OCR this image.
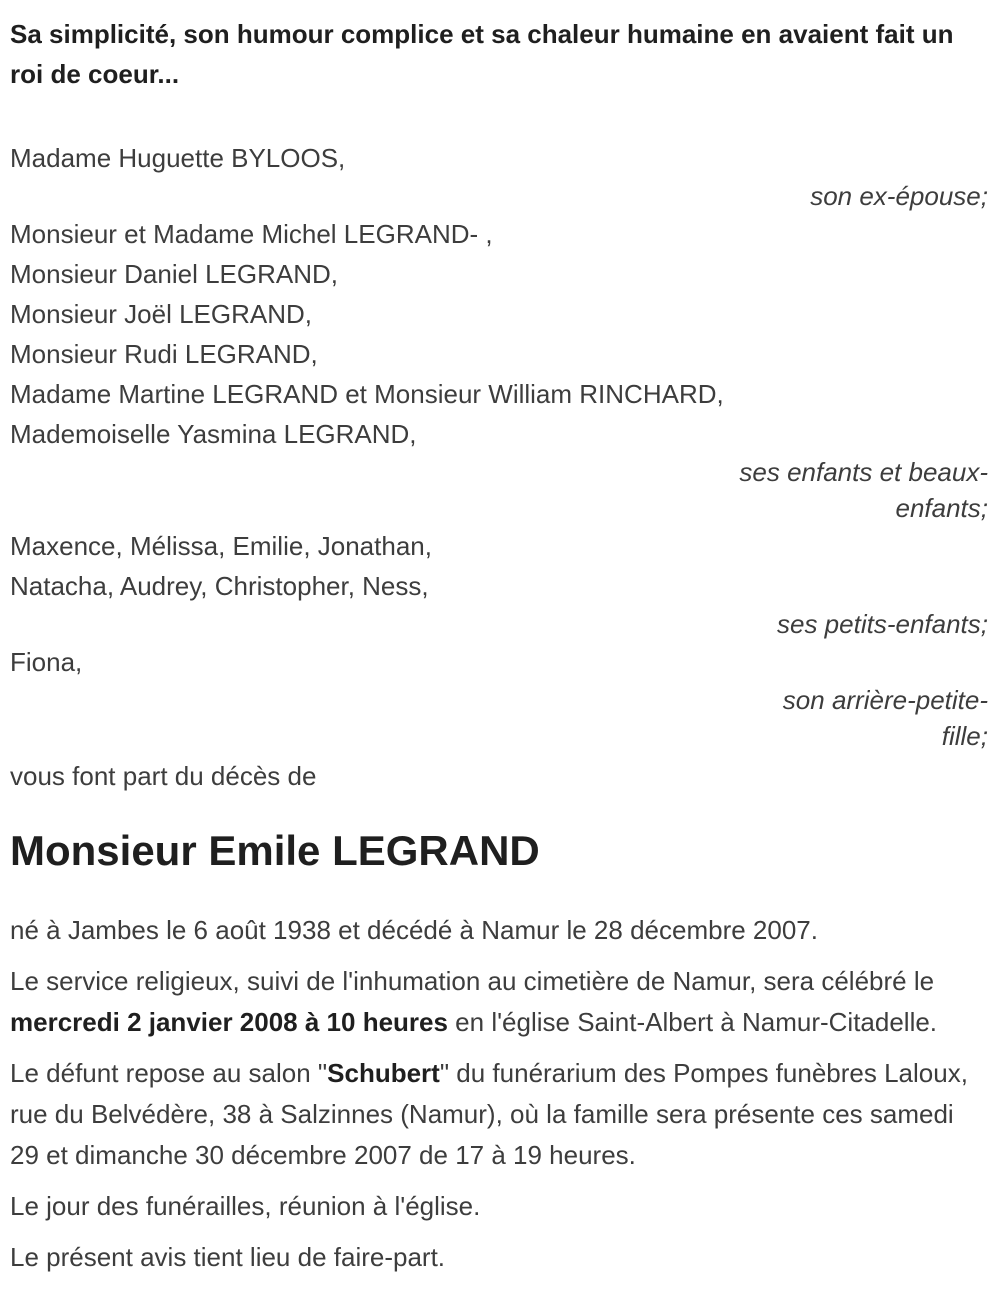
Sa simplicité, son humour complice et sa chaleur humaine en avaient fait un roi de coeur...
Madame Huguette BYLOOS,
son ex-épouse;
Monsieur et Madame Michel LEGRAND- ,
Monsieur Daniel LEGRAND,
Monsieur Joël LEGRAND,
Monsieur Rudi LEGRAND,
Madame Martine LEGRAND et Monsieur William RINCHARD,
Mademoiselle Yasmina LEGRAND,
ses enfants et beaux-enfants;
Maxence, Mélissa, Emilie, Jonathan,
Natacha, Audrey, Christopher, Ness,
ses petits-enfants;
Fiona,
son arrière-petite-fille;
vous font part du décès de
Monsieur Emile LEGRAND

né à Jambes le 6 août 1938 et décédé à Namur le 28 décembre 2007.

Le service religieux, suivi de l'inhumation au cimetière de Namur, sera célébré le mercredi 2 janvier 2008 à 10 heures en l'église Saint-Albert à Namur-Citadelle.

Le défunt repose au salon "Schubert" du funérarium des Pompes funèbres Laloux, rue du Belvédère, 38 à Salzinnes (Namur), où la famille sera présente ces samedi 29 et dimanche 30 décembre 2007 de 17 à 19 heures.

Le jour des funérailles, réunion à l'église.

Le présent avis tient lieu de faire-part.
